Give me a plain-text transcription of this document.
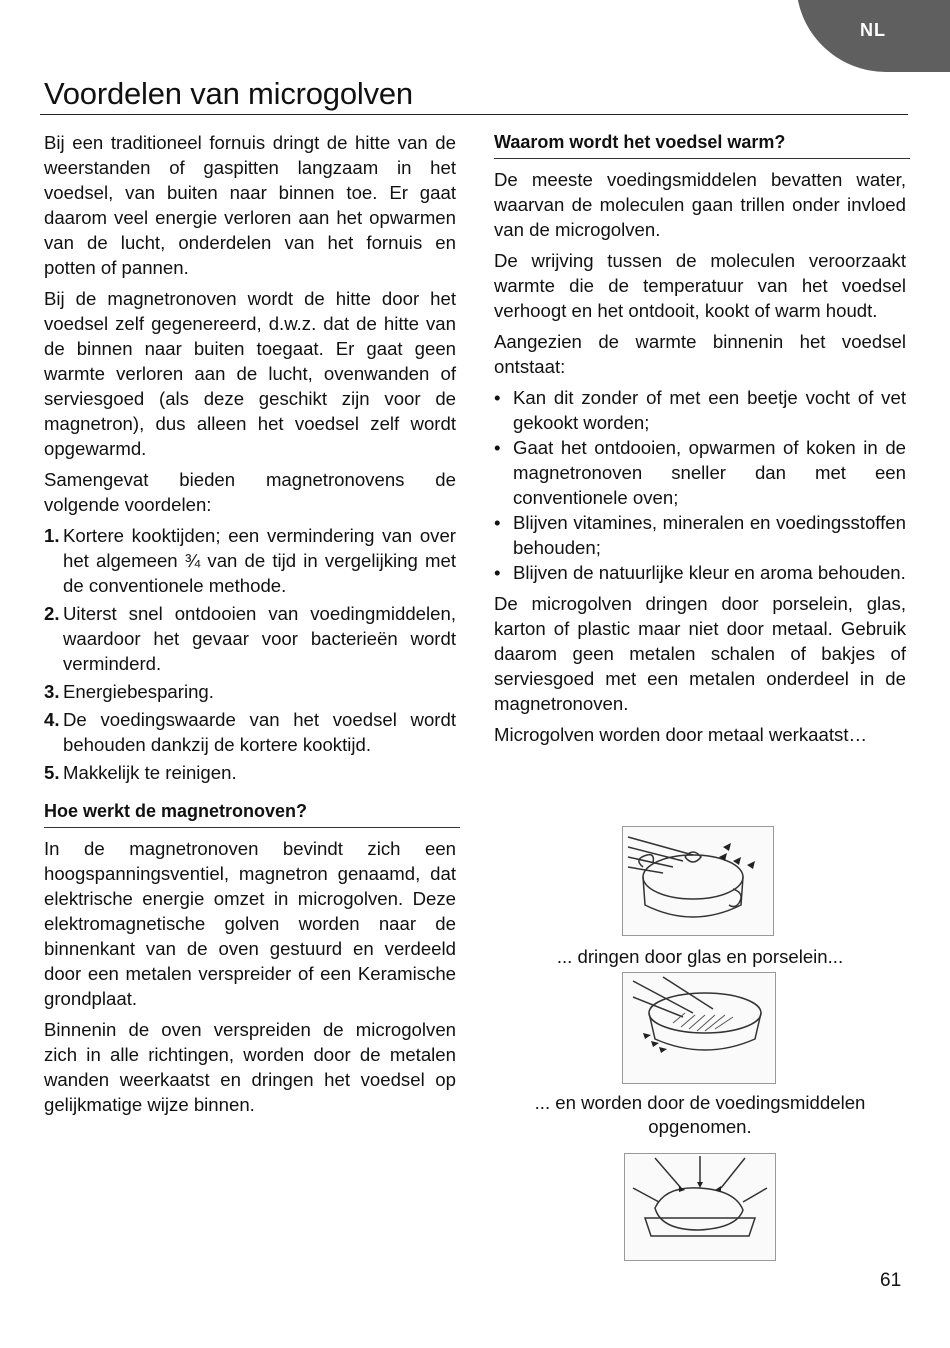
NL
Voordelen van microgolven

Bij een traditioneel fornuis dringt de hitte van de weerstanden of gaspitten langzaam in het voedsel, van buiten naar binnen toe. Er gaat daarom veel energie verloren aan het opwarmen van de lucht, onderdelen van het fornuis en potten of pannen.

Bij de magnetronoven wordt de hitte door het voedsel zelf gegenereerd, d.w.z. dat de hitte van de binnen naar buiten toegaat. Er gaat geen warmte verloren aan de lucht, ovenwanden of serviesgoed (als deze geschikt zijn voor de magnetron), dus alleen het voedsel zelf wordt opgewarmd.

Samengevat bieden magnetronovens de volgende voordelen:

1. Kortere kooktijden; een vermindering van over het algemeen ¾ van de tijd in vergelijking met de conventionele methode.
2. Uiterst snel ontdooien van voedingmiddelen, waardoor het gevaar voor bacterieën wordt verminderd.
3. Energiebesparing.
4. De voedingswaarde van het voedsel wordt behouden dankzij de kortere kooktijd.
5. Makkelijk te reinigen.
Hoe werkt de magnetronoven?

In de magnetronoven bevindt zich een hoogspanningsventiel, magnetron genaamd, dat elektrische energie omzet in microgolven. Deze elektromagnetische golven worden naar de binnenkant van de oven gestuurd en verdeeld door een metalen verspreider of een Keramische grondplaat.

Binnenin de oven verspreiden de microgolven zich in alle richtingen, worden door de metalen wanden weerkaatst en dringen het voedsel op gelijkmatige wijze binnen.

Waarom wordt het voedsel warm?

De meeste voedingsmiddelen bevatten water, waarvan de moleculen gaan trillen onder invloed van de microgolven.

De wrijving tussen de moleculen veroorzaakt warmte die de temperatuur van het voedsel verhoogt en het ontdooit, kookt of warm houdt.

Aangezien de warmte binnenin het voedsel ontstaat:

• Kan dit zonder of met een beetje vocht of vet gekookt worden;
• Gaat het ontdooien, opwarmen of koken in de magnetronoven sneller dan met een conventionele oven;
• Blijven vitamines, mineralen en voedingsstoffen behouden;
• Blijven de natuurlijke kleur en aroma behouden.

De microgolven dringen door porselein, glas, karton of plastic maar niet door metaal. Gebruik daarom geen metalen schalen of bakjes of serviesgoed met een metalen onderdeel in de magnetronoven.

Microgolven worden door metaal werkaatst…

... dringen door glas en porselein...
... en worden door de voedingsmiddelen opgenomen.
61
